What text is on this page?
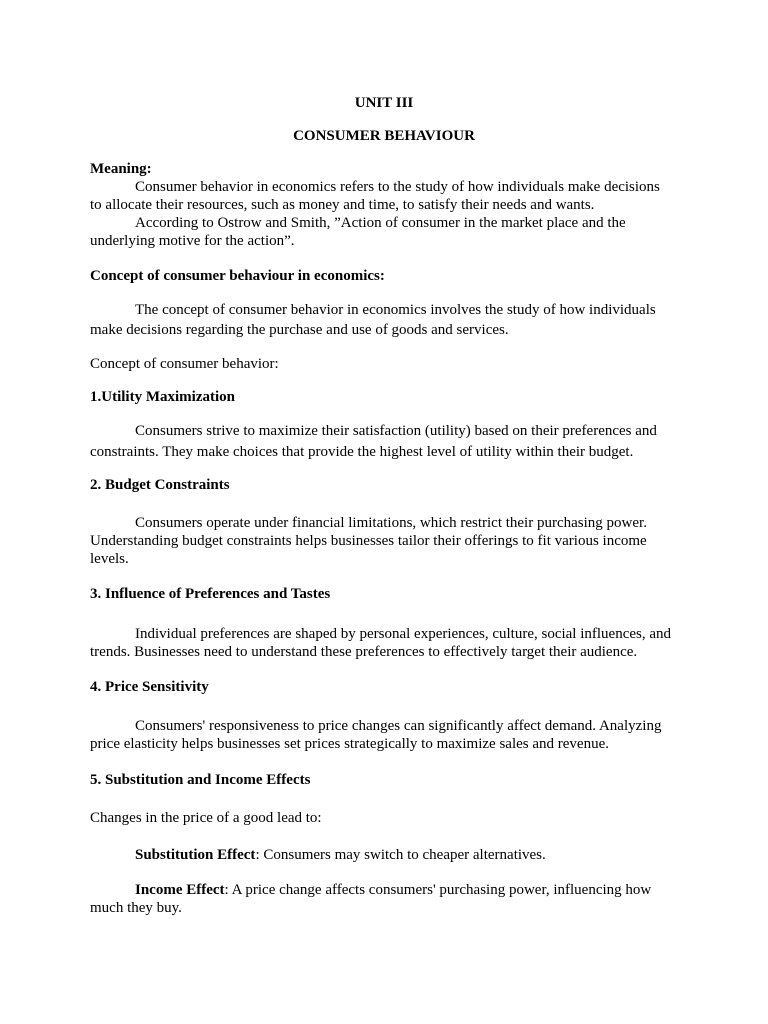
UNIT III
CONSUMER BEHAVIOUR
Meaning:
Consumer behavior in economics refers to the study of how individuals make decisions
to allocate their resources, such as money and time, to satisfy their needs and wants.
According to Ostrow and Smith, ”Action of consumer in the market place and the
underlying motive for the action”.
Concept of consumer behaviour in economics:
The concept of consumer behavior in economics involves the study of how individuals
make decisions regarding the purchase and use of goods and services.
Concept of consumer behavior:
1.Utility Maximization
Consumers strive to maximize their satisfaction (utility) based on their preferences and
constraints. They make choices that provide the highest level of utility within their budget.
2. Budget Constraints
Consumers operate under financial limitations, which restrict their purchasing power.
Understanding budget constraints helps businesses tailor their offerings to fit various income
levels.
3. Influence of Preferences and Tastes
Individual preferences are shaped by personal experiences, culture, social influences, and
trends. Businesses need to understand these preferences to effectively target their audience.
4. Price Sensitivity
Consumers' responsiveness to price changes can significantly affect demand. Analyzing
price elasticity helps businesses set prices strategically to maximize sales and revenue.
5. Substitution and Income Effects
Changes in the price of a good lead to:
Substitution Effect: Consumers may switch to cheaper alternatives.
Income Effect: A price change affects consumers' purchasing power, influencing how
much they buy.
